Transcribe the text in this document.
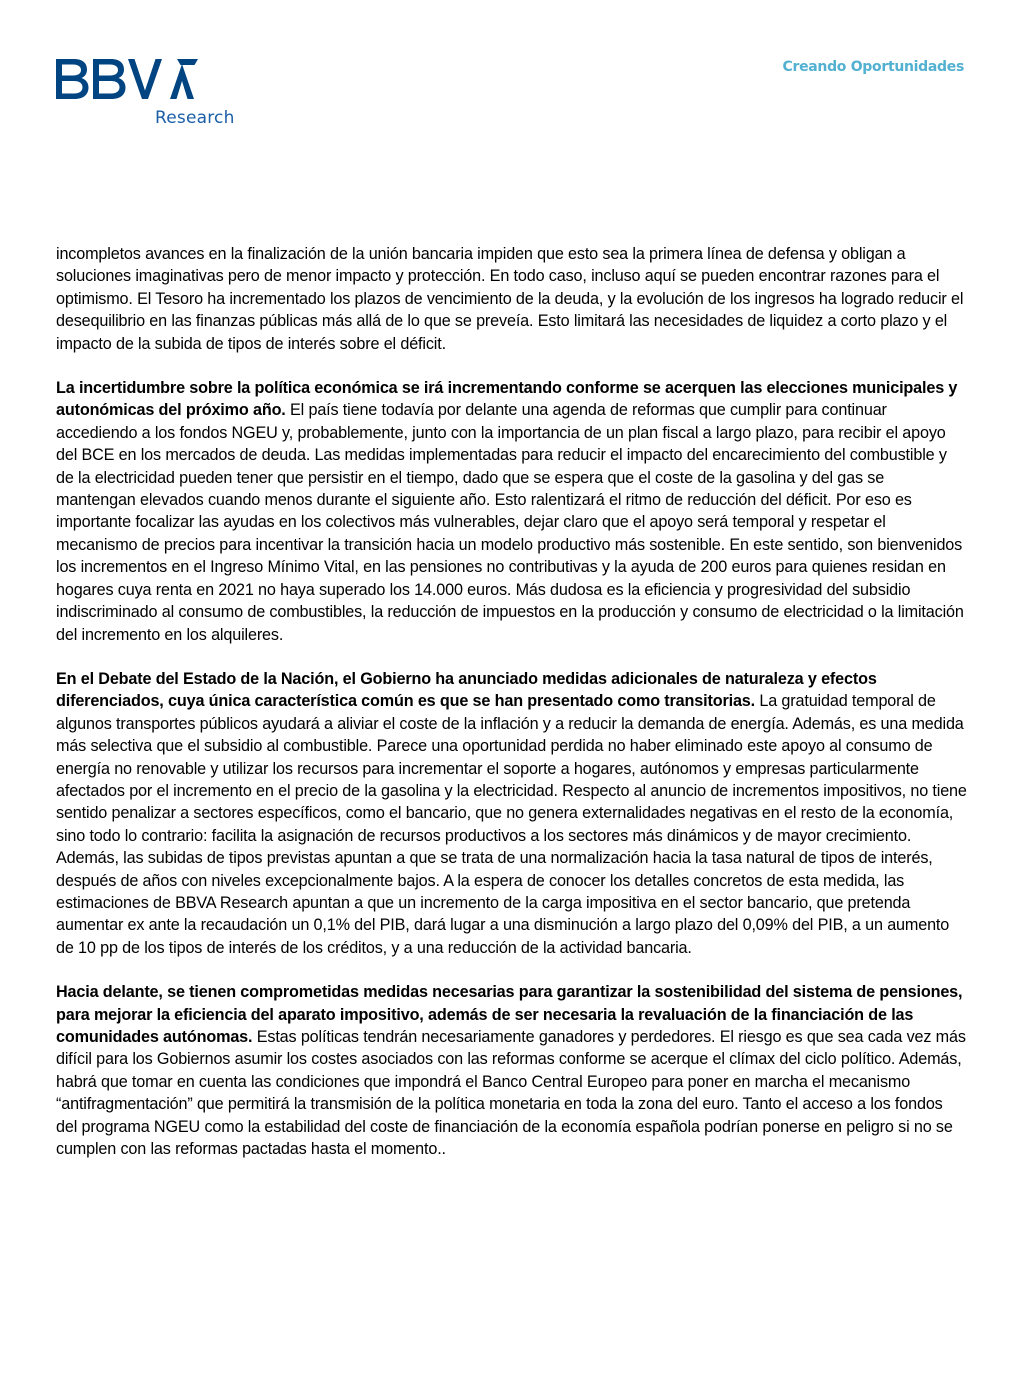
Research
Creando Oportunidades

incompletos avances en la finalización de la unión bancaria impiden que esto sea la primera línea de defensa y obligan a soluciones imaginativas pero de menor impacto y protección. En todo caso, incluso aquí se pueden encontrar razones para el optimismo. El Tesoro ha incrementado los plazos de vencimiento de la deuda, y la evolución de los ingresos ha logrado reducir el desequilibrio en las finanzas públicas más allá de lo que se preveía. Esto limitará las necesidades de liquidez a corto plazo y el impacto de la subida de tipos de interés sobre el déficit.

La incertidumbre sobre la política económica se irá incrementando conforme se acerquen las elecciones municipales y autonómicas del próximo año. El país tiene todavía por delante una agenda de reformas que cumplir para continuar accediendo a los fondos NGEU y, probablemente, junto con la importancia de un plan fiscal a largo plazo, para recibir el apoyo del BCE en los mercados de deuda. Las medidas implementadas para reducir el impacto del encarecimiento del combustible y de la electricidad pueden tener que persistir en el tiempo, dado que se espera que el coste de la gasolina y del gas se mantengan elevados cuando menos durante el siguiente año. Esto ralentizará el ritmo de reducción del déficit. Por eso es importante focalizar las ayudas en los colectivos más vulnerables, dejar claro que el apoyo será temporal y respetar el mecanismo de precios para incentivar la transición hacia un modelo productivo más sostenible. En este sentido, son bienvenidos los incrementos en el Ingreso Mínimo Vital, en las pensiones no contributivas y la ayuda de 200 euros para quienes residan en hogares cuya renta en 2021 no haya superado los 14.000 euros. Más dudosa es la eficiencia y progresividad del subsidio indiscriminado al consumo de combustibles, la reducción de impuestos en la producción y consumo de electricidad o la limitación del incremento en los alquileres.

En el Debate del Estado de la Nación, el Gobierno ha anunciado medidas adicionales de naturaleza y efectos diferenciados, cuya única característica común es que se han presentado como transitorias. La gratuidad temporal de algunos transportes públicos ayudará a aliviar el coste de la inflación y a reducir la demanda de energía. Además, es una medida más selectiva que el subsidio al combustible. Parece una oportunidad perdida no haber eliminado este apoyo al consumo de energía no renovable y utilizar los recursos para incrementar el soporte a hogares, autónomos y empresas particularmente afectados por el incremento en el precio de la gasolina y la electricidad. Respecto al anuncio de incrementos impositivos, no tiene sentido penalizar a sectores específicos, como el bancario, que no genera externalidades negativas en el resto de la economía, sino todo lo contrario: facilita la asignación de recursos productivos a los sectores más dinámicos y de mayor crecimiento. Además, las subidas de tipos previstas apuntan a que se trata de una normalización hacia la tasa natural de tipos de interés, después de años con niveles excepcionalmente bajos. A la espera de conocer los detalles concretos de esta medida, las estimaciones de BBVA Research apuntan a que un incremento de la carga impositiva en el sector bancario, que pretenda aumentar ex ante la recaudación un 0,1% del PIB, dará lugar a una disminución a largo plazo del 0,09% del PIB, a un aumento de 10 pp de los tipos de interés de los créditos, y a una reducción de la actividad bancaria.

Hacia delante, se tienen comprometidas medidas necesarias para garantizar la sostenibilidad del sistema de pensiones, para mejorar la eficiencia del aparato impositivo, además de ser necesaria la revaluación de la financiación de las comunidades autónomas. Estas políticas tendrán necesariamente ganadores y perdedores. El riesgo es que sea cada vez más difícil para los Gobiernos asumir los costes asociados con las reformas conforme se acerque el clímax del ciclo político. Además, habrá que tomar en cuenta las condiciones que impondrá el Banco Central Europeo para poner en marcha el mecanismo “antifragmentación” que permitirá la transmisión de la política monetaria en toda la zona del euro. Tanto el acceso a los fondos del programa NGEU como la estabilidad del coste de financiación de la economía española podrían ponerse en peligro si no se cumplen con las reformas pactadas hasta el momento..
